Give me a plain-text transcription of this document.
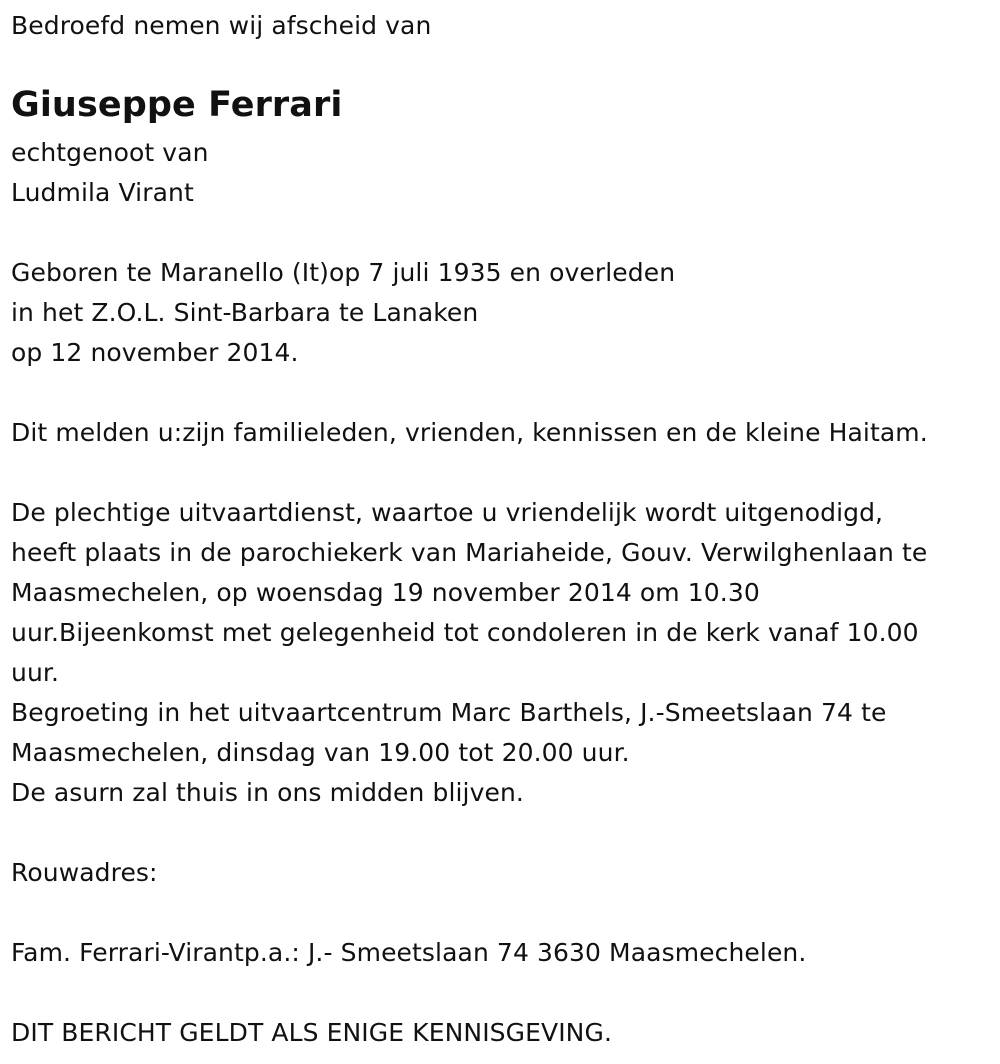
Bedroefd nemen wij afscheid van
Giuseppe Ferrari
echtgenoot van
Ludmila Virant
Geboren te Maranello (It)op 7 juli 1935 en overleden
in het Z.O.L. Sint-Barbara te Lanaken
op 12 november 2014.
Dit melden u:zijn familieleden, vrienden, kennissen en de kleine Haitam.
De plechtige uitvaartdienst, waartoe u vriendelijk wordt uitgenodigd,
heeft plaats in de parochiekerk van Mariaheide, Gouv. Verwilghenlaan te
Maasmechelen, op woensdag 19 november 2014 om 10.30
uur.Bijeenkomst met gelegenheid tot condoleren in de kerk vanaf 10.00
uur.
Begroeting in het uitvaartcentrum Marc Barthels, J.-Smeetslaan 74 te
Maasmechelen, dinsdag van 19.00 tot 20.00 uur.
De asurn zal thuis in ons midden blijven.
Rouwadres:
Fam. Ferrari-Virantp.a.: J.- Smeetslaan 74 3630 Maasmechelen.
DIT BERICHT GELDT ALS ENIGE KENNISGEVING.
